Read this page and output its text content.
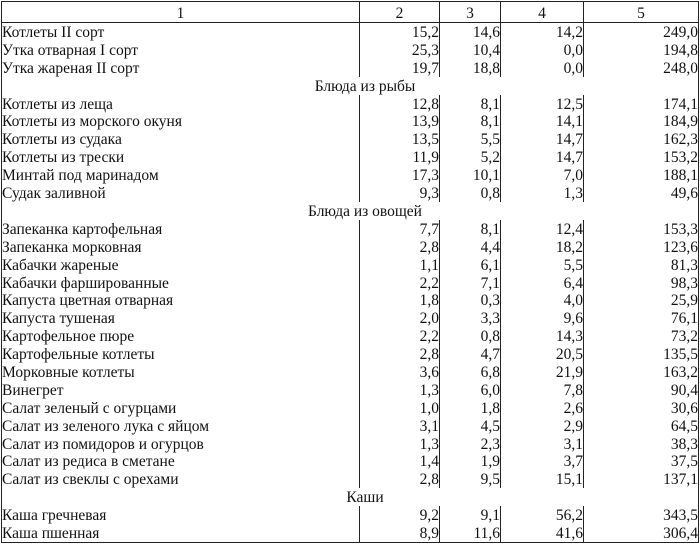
1	2	3	4	5
Котлеты II сорт	15,2	14,6	14,2	249,0
Утка отварная I сорт	25,3	10,4	0,0	194,8
Утка жареная II сорт	19,7	18,8	0,0	248,0
Блюда из рыбы				
Котлеты из леща	12,8	8,1	12,5	174,1
Котлеты из морского окуня	13,9	8,1	14,1	184,9
Котлеты из судака	13,5	5,5	14,7	162,3
Котлеты из трески	11,9	5,2	14,7	153,2
Минтай под маринадом	17,3	10,1	7,0	188,1
Судак заливной	9,3	0,8	1,3	49,6
Блюда из овощей				
Запеканка картофельная	7,7	8,1	12,4	153,3
Запеканка морковная	2,8	4,4	18,2	123,6
Кабачки жареные	1,1	6,1	5,5	81,3
Кабачки фаршированные	2,2	7,1	6,4	98,3
Капуста цветная отварная	1,8	0,3	4,0	25,9
Капуста тушеная	2,0	3,3	9,6	76,1
Картофельное пюре	2,2	0,8	14,3	73,2
Картофельные котлеты	2,8	4,7	20,5	135,5
Морковные котлеты	3,6	6,8	21,9	163,2
Винегрет	1,3	6,0	7,8	90,4
Салат зеленый с огурцами	1,0	1,8	2,6	30,6
Салат из зеленого лука с яйцом	3,1	4,5	2,9	64,5
Салат из помидоров и огурцов	1,3	2,3	3,1	38,3
Салат из редиса в сметане	1,4	1,9	3,7	37,5
Салат из свеклы с орехами	2,8	9,5	15,1	137,1
Каши				
Каша гречневая	9,2	9,1	56,2	343,5
Каша пшенная	8,9	11,6	41,6	306,4
